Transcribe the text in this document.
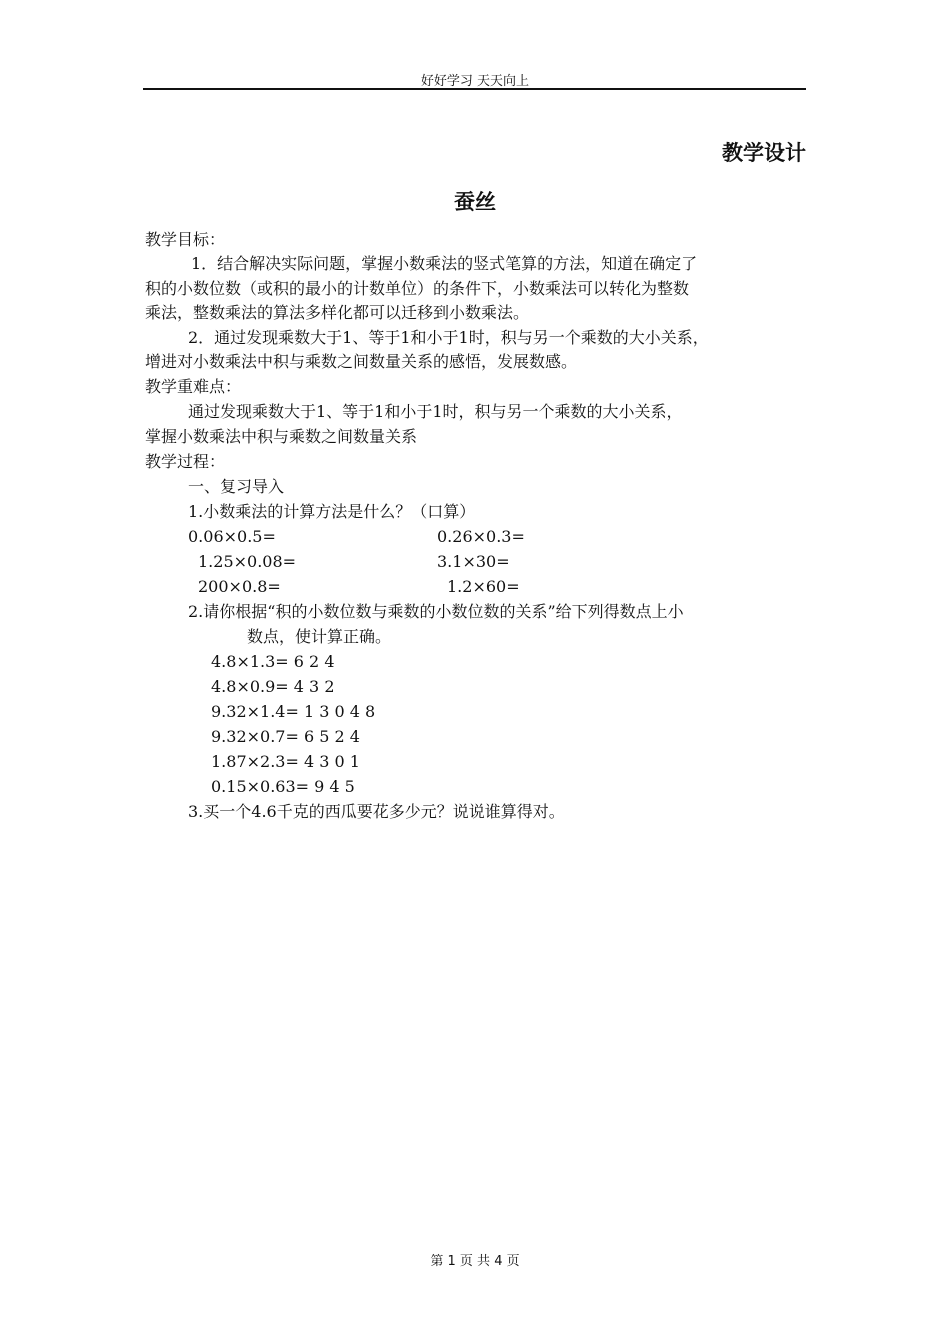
好好学习 天天向上
教学设计
蚕丝
教学目标：
1．结合解决实际问题，掌握小数乘法的竖式笔算的方法，知道在确定了
积的小数位数（或积的最小的计数单位）的条件下，小数乘法可以转化为整数
乘法，整数乘法的算法多样化都可以迁移到小数乘法。
2．通过发现乘数大于1、等于1和小于1时，积与另一个乘数的大小关系，
增进对小数乘法中积与乘数之间数量关系的感悟，发展数感。
教学重难点：
通过发现乘数大于1、等于1和小于1时，积与另一个乘数的大小关系，
掌握小数乘法中积与乘数之间数量关系
教学过程：
一、复习导入
1.小数乘法的计算方法是什么？（口算）
0.06×0.5=	0.26×0.3=
1.25×0.08=	3.1×30=
200×0.8=	1.2×60=
2.请你根据“积的小数位数与乘数的小数位数的关系”给下列得数点上小
数点，使计算正确。
4.8×1.3= 6 2 4
4.8×0.9= 4 3 2
9.32×1.4= 1 3 0 4 8
9.32×0.7= 6 5 2 4
1.87×2.3= 4 3 0 1
0.15×0.63= 9 4 5
3.买一个4.6千克的西瓜要花多少元？说说谁算得对。
第 1 页 共 4 页
